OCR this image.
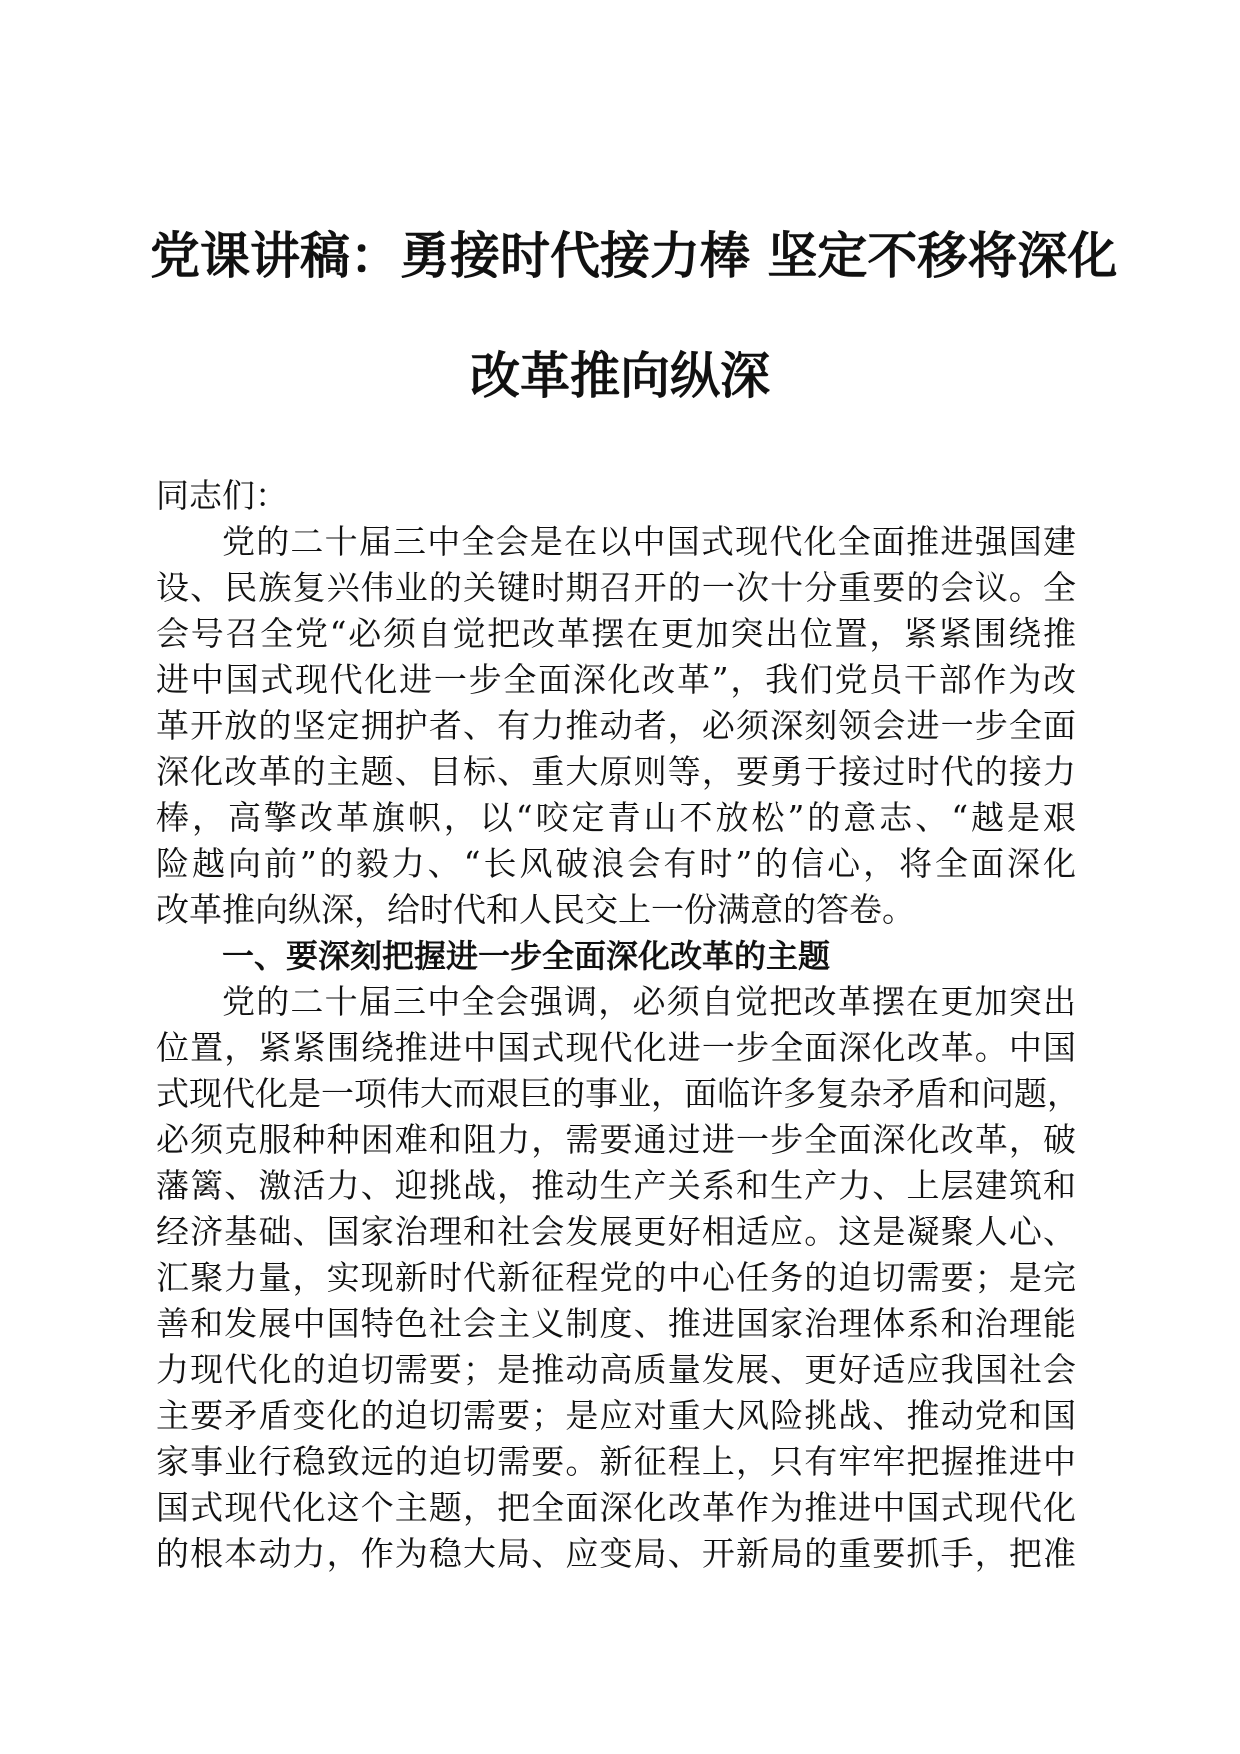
党课讲稿：勇接时代接力棒 坚定不移将深化
改革推向纵深
同志们：
党的二十届三中全会是在以中国式现代化全面推进强国建
设、民族复兴伟业的关键时期召开的一次十分重要的会议。全
会号召全党“必须自觉把改革摆在更加突出位置，紧紧围绕推
进中国式现代化进一步全面深化改革”，我们党员干部作为改
革开放的坚定拥护者、有力推动者，必须深刻领会进一步全面
深化改革的主题、目标、重大原则等，要勇于接过时代的接力
棒，高擎改革旗帜，以“咬定青山不放松”的意志、“越是艰
险越向前”的毅力、“长风破浪会有时”的信心，将全面深化
改革推向纵深，给时代和人民交上一份满意的答卷。
一、要深刻把握进一步全面深化改革的主题
党的二十届三中全会强调，必须自觉把改革摆在更加突出
位置，紧紧围绕推进中国式现代化进一步全面深化改革。中国
式现代化是一项伟大而艰巨的事业，面临许多复杂矛盾和问题，
必须克服种种困难和阻力，需要通过进一步全面深化改革，破
藩篱、激活力、迎挑战，推动生产关系和生产力、上层建筑和
经济基础、国家治理和社会发展更好相适应。这是凝聚人心、
汇聚力量，实现新时代新征程党的中心任务的迫切需要；是完
善和发展中国特色社会主义制度、推进国家治理体系和治理能
力现代化的迫切需要；是推动高质量发展、更好适应我国社会
主要矛盾变化的迫切需要；是应对重大风险挑战、推动党和国
家事业行稳致远的迫切需要。新征程上，只有牢牢把握推进中
国式现代化这个主题，把全面深化改革作为推进中国式现代化
的根本动力，作为稳大局、应变局、开新局的重要抓手，把准
